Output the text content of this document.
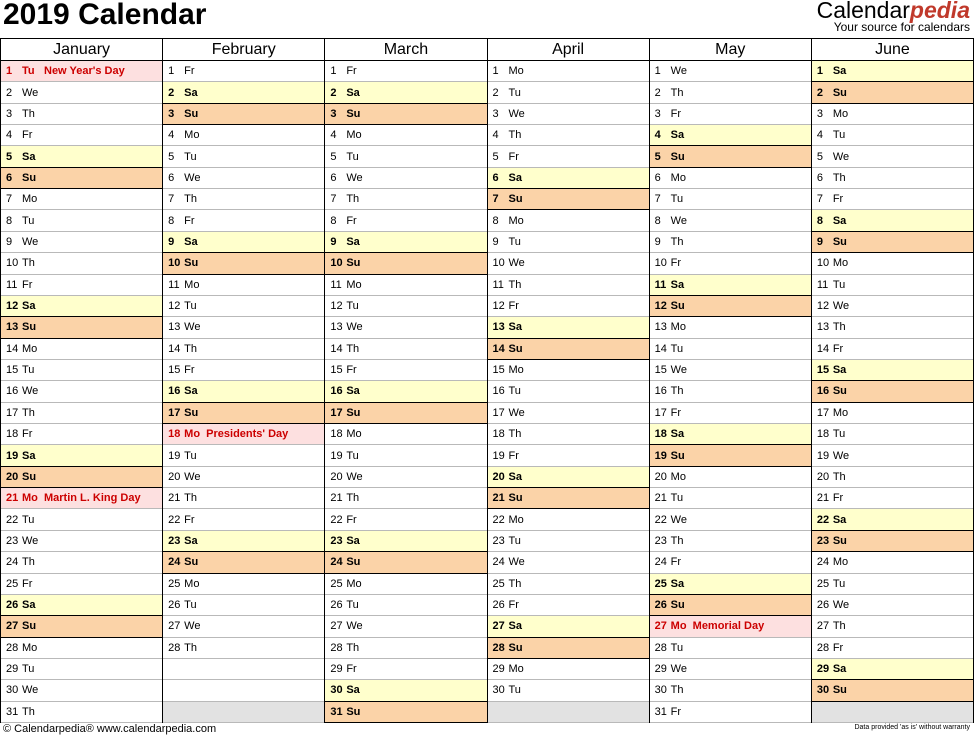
2019 Calendar	Calendarpedia
Your source for calendars
January
1 Tu New Year's Day
2 We
3 Th
4 Fr
5 Sa
6 Su
7 Mo
8 Tu
9 We
10 Th
11 Fr
12 Sa
13 Su
14 Mo
15 Tu
16 We
17 Th
18 Fr
19 Sa
20 Su
21 Mo Martin L. King Day
22 Tu
23 We
24 Th
25 Fr
26 Sa
27 Su
28 Mo
29 Tu
30 We
31 Th
February
1 Fr
2 Sa
3 Su
4 Mo
5 Tu
6 We
7 Th
8 Fr
9 Sa
10 Su
11 Mo
12 Tu
13 We
14 Th
15 Fr
16 Sa
17 Su
18 Mo Presidents' Day
19 Tu
20 We
21 Th
22 Fr
23 Sa
24 Su
25 Mo
26 Tu
27 We
28 Th
March
1 Fr
2 Sa
3 Su
4 Mo
5 Tu
6 We
7 Th
8 Fr
9 Sa
10 Su
11 Mo
12 Tu
13 We
14 Th
15 Fr
16 Sa
17 Su
18 Mo
19 Tu
20 We
21 Th
22 Fr
23 Sa
24 Su
25 Mo
26 Tu
27 We
28 Th
29 Fr
30 Sa
31 Su
April
1 Mo
2 Tu
3 We
4 Th
5 Fr
6 Sa
7 Su
8 Mo
9 Tu
10 We
11 Th
12 Fr
13 Sa
14 Su
15 Mo
16 Tu
17 We
18 Th
19 Fr
20 Sa
21 Su
22 Mo
23 Tu
24 We
25 Th
26 Fr
27 Sa
28 Su
29 Mo
30 Tu
May
1 We
2 Th
3 Fr
4 Sa
5 Su
6 Mo
7 Tu
8 We
9 Th
10 Fr
11 Sa
12 Su
13 Mo
14 Tu
15 We
16 Th
17 Fr
18 Sa
19 Su
20 Mo
21 Tu
22 We
23 Th
24 Fr
25 Sa
26 Su
27 Mo Memorial Day
28 Tu
29 We
30 Th
31 Fr
June
1 Sa
2 Su
3 Mo
4 Tu
5 We
6 Th
7 Fr
8 Sa
9 Su
10 Mo
11 Tu
12 We
13 Th
14 Fr
15 Sa
16 Su
17 Mo
18 Tu
19 We
20 Th
21 Fr
22 Sa
23 Su
24 Mo
25 Tu
26 We
27 Th
28 Fr
29 Sa
30 Su
© Calendarpedia® www.calendarpedia.com	Data provided 'as is' without warranty
